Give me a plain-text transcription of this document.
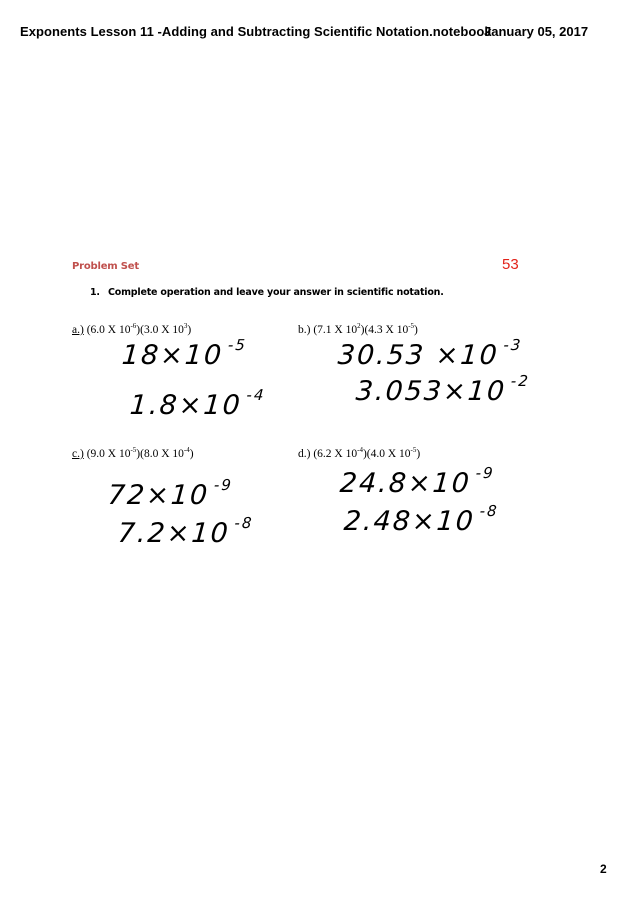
Exponents Lesson 11 -Adding and Subtracting Scientific Notation.notebook
January 05, 2017
Problem Set	53
1. Complete operation and leave your answer in scientific notation.
a.) (6.0 X $10^{-6})(3.0$ X $10^3$)
18×10 $^{-5}$
1.8×10 $^{-4}$
b.) (7.1 X $10^2)(4.3$ X $10^{-5}$)
30.53 ×10 $^{-3}$
3.053×10 $^{-2}$
c.) (9.0 X $10^{-5})(8.0$ X $10^{-4}$)
72×10 $^{-9}$
7.2×10 $^{-8}$
d.) (6.2 X $10^{-4})(4.0$ X $10^{-5}$)
24.8×10 $^{-9}$
2.48×10 $^{-8}$
2
